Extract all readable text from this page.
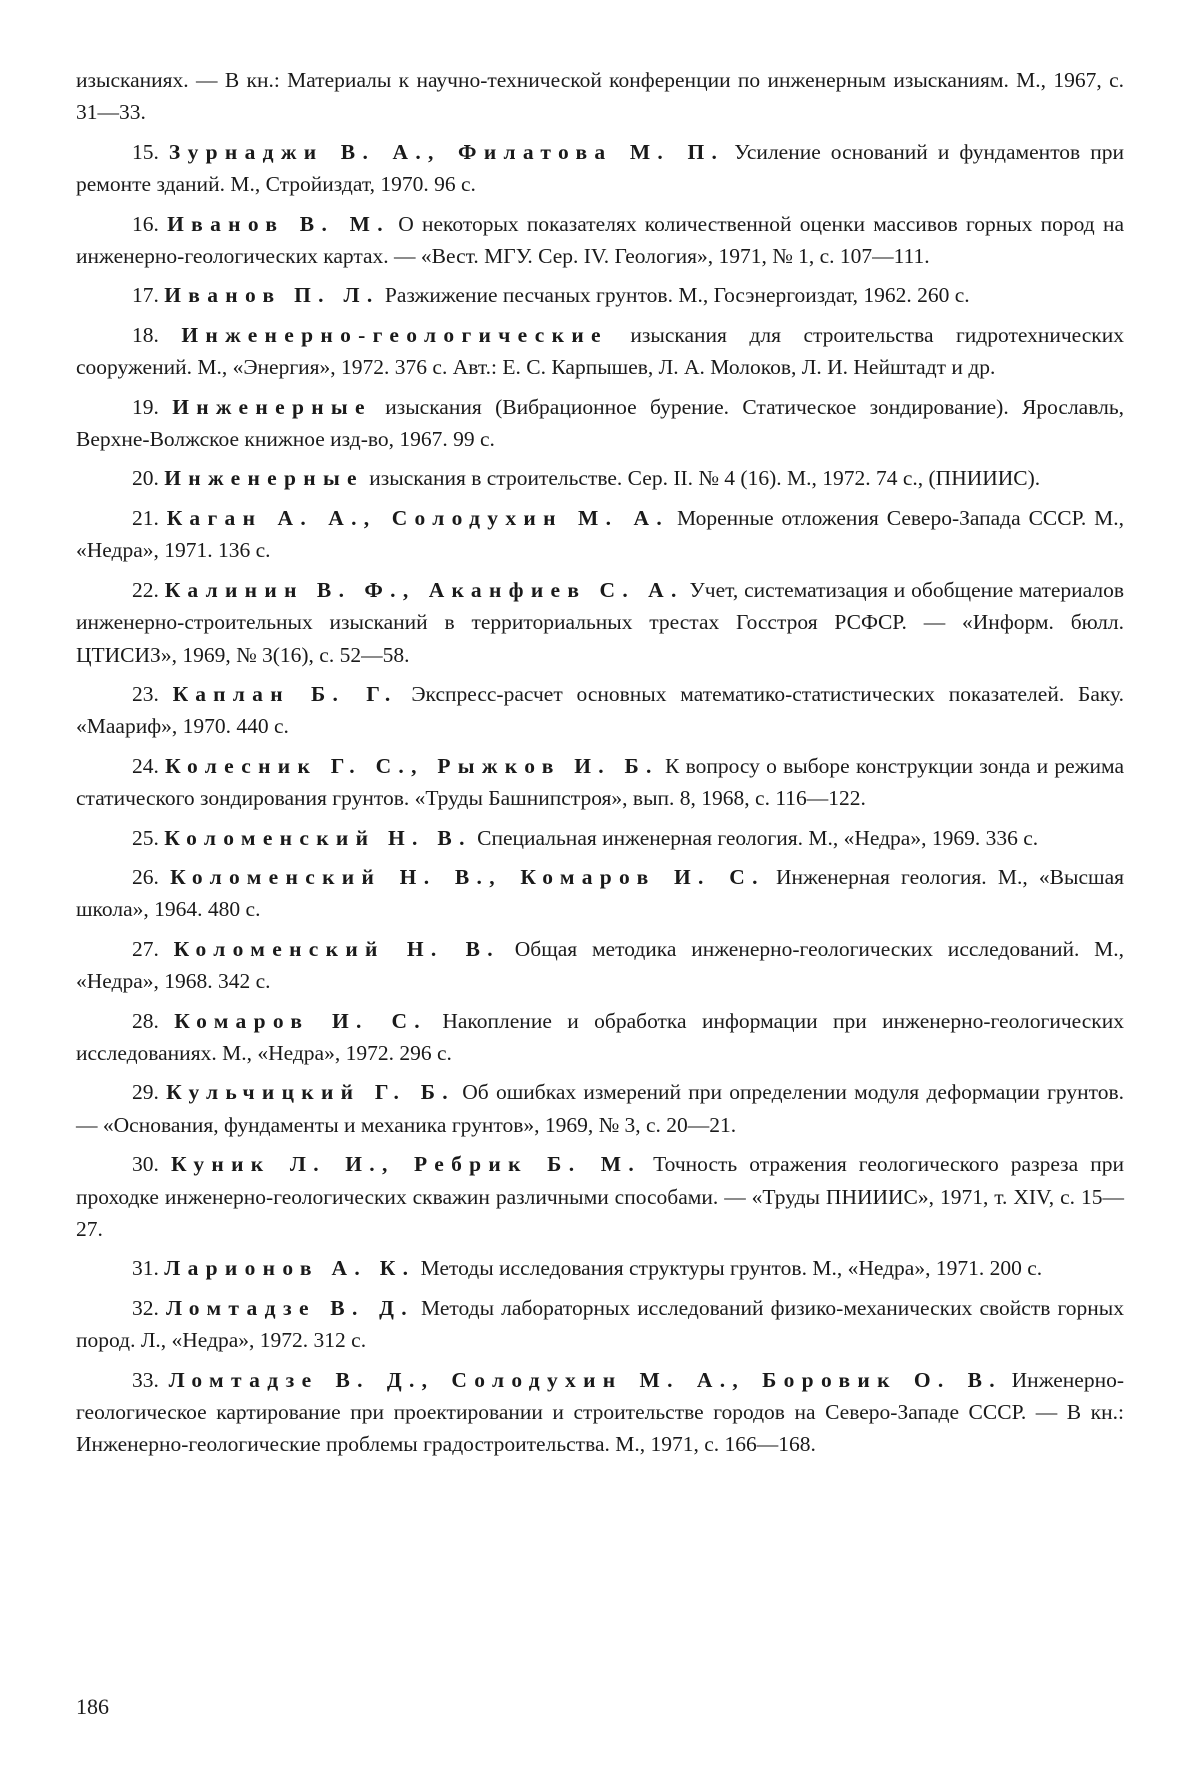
изысканиях. — В кн.: Материалы к научно-технической конференции по инженерным изысканиям. М., 1967, с. 31—33.

15. Зурнаджи В. А., Филатова М. П. Усиление оснований и фундаментов при ремонте зданий. М., Стройиздат, 1970. 96 с.

16. Иванов В. М. О некоторых показателях количественной оценки массивов горных пород на инженерно-геологических картах. — «Вест. МГУ. Сер. IV. Геология», 1971, № 1, с. 107—111.

17. Иванов П. Л. Разжижение песчаных грунтов. М., Госэнергоиздат, 1962. 260 с.

18. Инженерно-геологические изыскания для строительства гидротехнических сооружений. М., «Энергия», 1972. 376 с. Авт.: Е. С. Карпышев, Л. А. Молоков, Л. И. Нейштадт и др.

19. Инженерные изыскания (Вибрационное бурение. Статическое зондирование). Ярославль, Верхне-Волжское книжное изд-во, 1967. 99 с.

20. Инженерные изыскания в строительстве. Сер. II. № 4 (16). М., 1972. 74 с., (ПНИИИС).

21. Каган А. А., Солодухин М. А. Моренные отложения Северо-Запада СССР. М., «Недра», 1971. 136 с.

22. Калинин В. Ф., Аканфиев С. А. Учет, систематизация и обобщение материалов инженерно-строительных изысканий в территориальных трестах Госстроя РСФСР. — «Информ. бюлл. ЦТИСИЗ», 1969, № 3(16), с. 52—58.

23. Каплан Б. Г. Экспресс-расчет основных математико-статистических показателей. Баку. «Маариф», 1970. 440 с.

24. Колесник Г. С., Рыжков И. Б. К вопросу о выборе конструкции зонда и режима статического зондирования грунтов. «Труды Башнипстроя», вып. 8, 1968, с. 116—122.

25. Коломенский Н. В. Специальная инженерная геология. М., «Недра», 1969. 336 с.

26. Коломенский Н. В., Комаров И. С. Инженерная геология. М., «Высшая школа», 1964. 480 с.

27. Коломенский Н. В. Общая методика инженерно-геологических исследований. М., «Недра», 1968. 342 с.

28. Комаров И. С. Накопление и обработка информации при инженерно-геологических исследованиях. М., «Недра», 1972. 296 с.

29. Кульчицкий Г. Б. Об ошибках измерений при определении модуля деформации грунтов. — «Основания, фундаменты и механика грунтов», 1969, № 3, с. 20—21.

30. Куник Л. И., Ребрик Б. М. Точность отражения геологического разреза при проходке инженерно-геологических скважин различными способами. — «Труды ПНИИИС», 1971, т. XIV, с. 15—27.

31. Ларионов А. К. Методы исследования структуры грунтов. М., «Недра», 1971. 200 с.

32. Ломтадзе В. Д. Методы лабораторных исследований физико-механических свойств горных пород. Л., «Недра», 1972. 312 с.

33. Ломтадзе В. Д., Солодухин М. А., Боровик О. В. Инженерно-геологическое картирование при проектировании и строительстве городов на Северо-Западе СССР. — В кн.: Инженерно-геологические проблемы градостроительства. М., 1971, с. 166—168.

186
